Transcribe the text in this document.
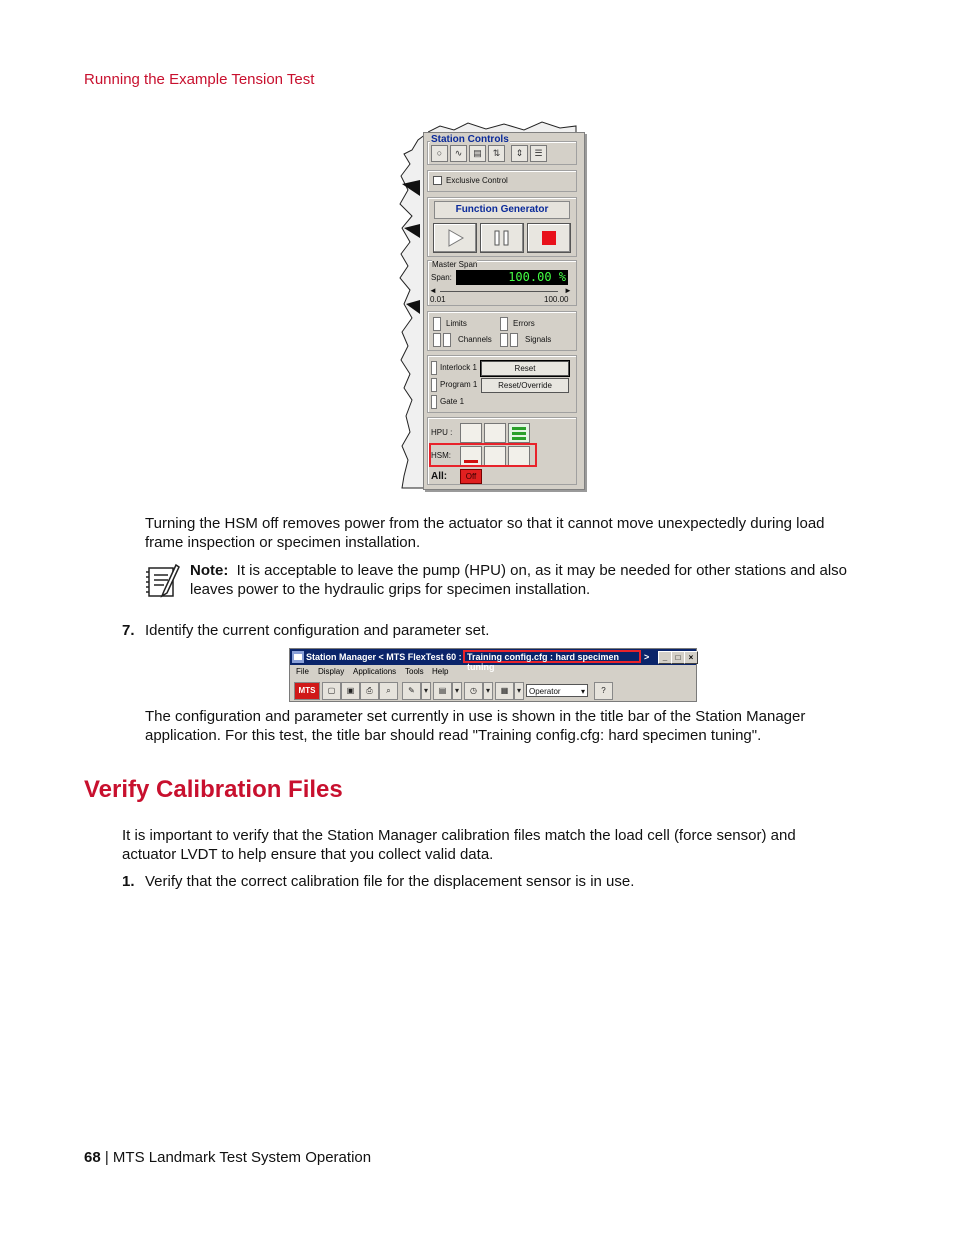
Running the Example Tension Test
○	∿	▤	⇅	⇕	☰
Station Controls
Exclusive Control
Function Generator
Master Span
Span:	100.00 %
◄	►
0.01	100.00
Limits	Errors
Channels	Signals
Interlock 1	Reset
Program 1	Reset/Override
Gate 1
HPU :
HSM:
All:	Off
Turning the HSM off removes power from the actuator so that it cannot move unexpectedly during load frame inspection or specimen installation.
Note: It is acceptable to leave the pump (HPU) on, as it may be needed for other stations and also leaves power to the hydraulic grips for specimen installation.
7. Identify the current configuration and parameter set.
Station Manager < MTS FlexTest 60 : Training config.cfg : hard specimen tuning
>	_	□	×
File Display Applications Tools Help
MTS	▢	▣	⎙	⌕	✎	▾	▤	▾	◷	▾	▦	▾	Operator	▾	?
The configuration and parameter set currently in use is shown in the title bar of the Station Manager application. For this test, the title bar should read "Training config.cfg: hard specimen tuning".
Verify Calibration Files
It is important to verify that the Station Manager calibration files match the load cell (force sensor) and actuator LVDT to help ensure that you collect valid data.
1. Verify that the correct calibration file for the displacement sensor is in use.
68 | MTS Landmark Test System Operation
